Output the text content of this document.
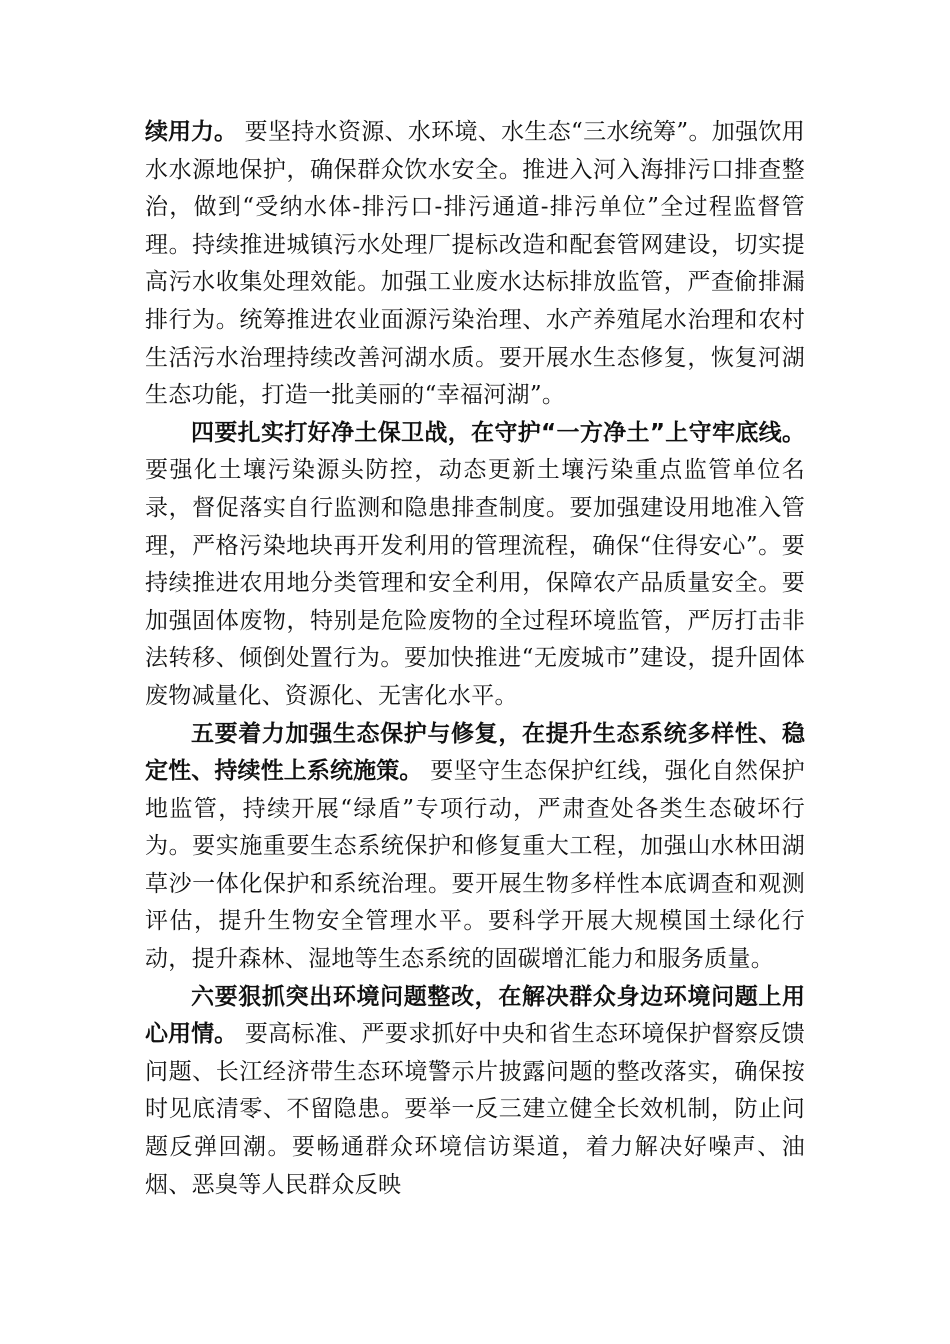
续用力。 要坚持水资源、水环境、水生态“三水统筹”。加强饮用水水源地保护，确保群众饮水安全。推进入河入海排污口排查整治，做到“受纳水体-排污口-排污通道-排污单位”全过程监督管理。持续推进城镇污水处理厂提标改造和配套管网建设，切实提高污水收集处理效能。加强工业废水达标排放监管，严查偷排漏排行为。统筹推进农业面源污染治理、水产养殖尾水治理和农村生活污水治理持续改善河湖水质。要开展水生态修复，恢复河湖生态功能，打造一批美丽的“幸福河湖”。

四要扎实打好净土保卫战，在守护“一方净土”上守牢底线。 要强化土壤污染源头防控，动态更新土壤污染重点监管单位名录，督促落实自行监测和隐患排查制度。要加强建设用地准入管理，严格污染地块再开发利用的管理流程，确保“住得安心”。要持续推进农用地分类管理和安全利用，保障农产品质量安全。要加强固体废物，特别是危险废物的全过程环境监管，严厉打击非法转移、倾倒处置行为。要加快推进“无废城市”建设，提升固体废物减量化、资源化、无害化水平。

五要着力加强生态保护与修复，在提升生态系统多样性、稳定性、持续性上系统施策。 要坚守生态保护红线，强化自然保护地监管，持续开展“绿盾”专项行动，严肃查处各类生态破坏行为。要实施重要生态系统保护和修复重大工程，加强山水林田湖草沙一体化保护和系统治理。要开展生物多样性本底调查和观测评估，提升生物安全管理水平。要科学开展大规模国土绿化行动，提升森林、湿地等生态系统的固碳增汇能力和服务质量。

六要狠抓突出环境问题整改，在解决群众身边环境问题上用心用情。 要高标准、严要求抓好中央和省生态环境保护督察反馈问题、长江经济带生态环境警示片披露问题的整改落实，确保按时见底清零、不留隐患。要举一反三建立健全长效机制，防止问题反弹回潮。要畅通群众环境信访渠道，着力解决好噪声、油烟、恶臭等人民群众反映
